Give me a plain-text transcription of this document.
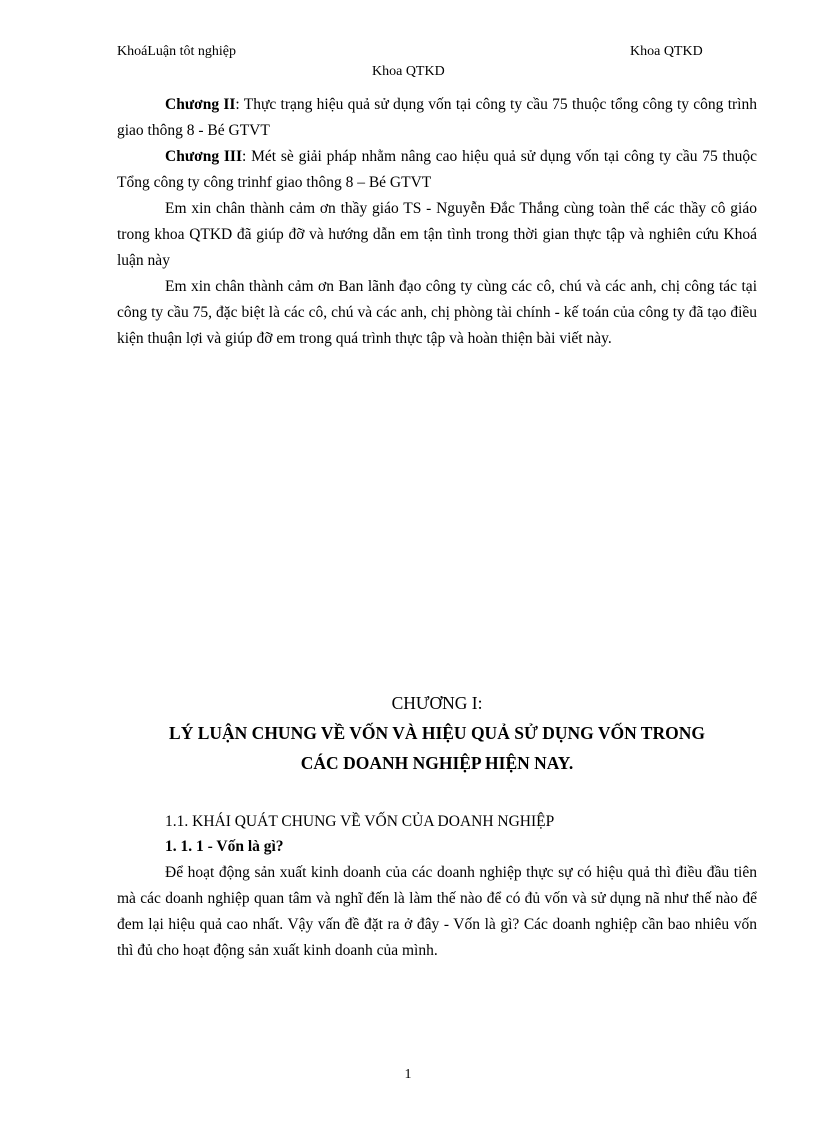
KhoáLuận tôt nghiệp	Khoa QTKD
Khoa QTKD

Chương II: Thực trạng hiệu quả sử dụng vốn tại công ty cầu 75 thuộc tổng công ty công trình giao thông 8 - Bé GTVT

Chương III: Mét sè giải pháp nhằm nâng cao hiệu quả sử dụng vốn tại công ty cầu 75 thuộc Tổng công ty công trinhf giao thông 8 – Bé GTVT

Em xin chân thành cảm ơn thầy giáo TS - Nguyễn Đắc Thắng cùng toàn thể các thầy cô giáo trong khoa QTKD đã giúp đỡ và hướng dẫn em tận tình trong thời gian thực tập và nghiên cứu Khoá luận này

Em xin chân thành cảm ơn Ban lãnh đạo công ty cùng các cô, chú và các anh, chị công tác tại công ty cầu 75, đặc biệt là các cô, chú và các anh, chị phòng tài chính - kế toán của công ty đã tạo điều kiện thuận lợi và giúp đỡ em trong quá trình thực tập và hoàn thiện bài viết này.

CHƯƠNG I:
LÝ LUẬN CHUNG VỀ VỐN VÀ HIỆU QUẢ SỬ DỤNG VỐN TRONG
CÁC DOANH NGHIỆP HIỆN NAY.
1.1. KHÁI QUÁT CHUNG VỀ VỐN CỦA DOANH NGHIỆP
1. 1. 1 - Vốn là gì?

Để hoạt động sản xuất kinh doanh của các doanh nghiệp thực sự có hiệu quả thì điều đầu tiên mà các doanh nghiệp quan tâm và nghĩ đến là làm thế nào để có đủ vốn và sử dụng nã như thế nào để đem lại hiệu quả cao nhất. Vậy vấn đề đặt ra ở đây - Vốn là gì? Các doanh nghiệp cần bao nhiêu vốn thì đủ cho hoạt động sản xuất kinh doanh của mình.

1
